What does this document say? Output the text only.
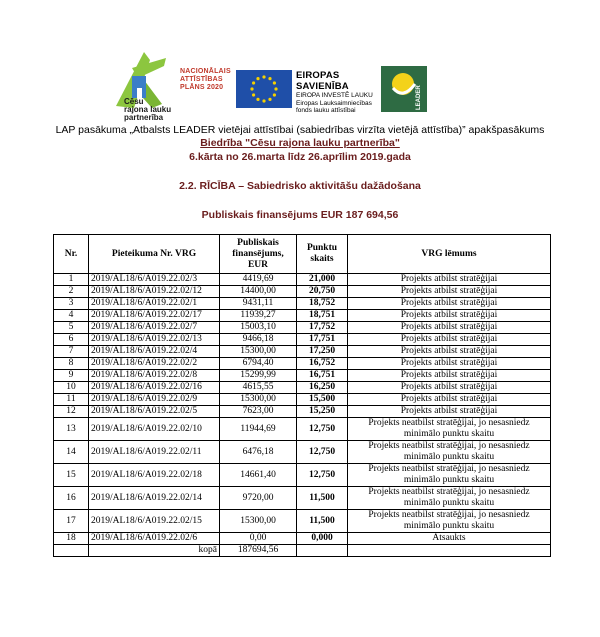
Cēsu
rajona lauku
partnerība
NACIONĀLAIS
ATTĪSTĪBAS
PLĀNS 2020
EIROPAS SAVIENĪBA
EIROPA INVESTĒ LAUKU
Eiropas Lauksaimniecības
fonds lauku attīstībai
LEADER
LAP pasākuma „Atbalsts LEADER vietējai attīstībai (sabiedrības virzīta vietējā attīstība)” apakšpasākums
Biedrība "Cēsu rajona lauku partnerība"
6.kārta no 26.marta līdz 26.aprīlim 2019.gada
2.2. RĪCĪBA – Sabiedrisko aktivitāšu dažādošana
Publiskais finansējums EUR 187 694,56
Nr.	Pieteikuma Nr. VRG	Publiskais finansējums, EUR	Punktu skaits	VRG lēmums
1	2019/AL18/6/A019.22.02/3	4419,69	21,000	Projekts atbilst stratēģijai
2	2019/AL18/6/A019.22.02/12	14400,00	20,750	Projekts atbilst stratēģijai
3	2019/AL18/6/A019.22.02/1	9431,11	18,752	Projekts atbilst stratēģijai
4	2019/AL18/6/A019.22.02/17	11939,27	18,751	Projekts atbilst stratēģijai
5	2019/AL18/6/A019.22.02/7	15003,10	17,752	Projekts atbilst stratēģijai
6	2019/AL18/6/A019.22.02/13	9466,18	17,751	Projekts atbilst stratēģijai
7	2019/AL18/6/A019.22.02/4	15300,00	17,250	Projekts atbilst stratēģijai
8	2019/AL18/6/A019.22.02/2	6794,40	16,752	Projekts atbilst stratēģijai
9	2019/AL18/6/A019.22.02/8	15299,99	16,751	Projekts atbilst stratēģijai
10	2019/AL18/6/A019.22.02/16	4615,55	16,250	Projekts atbilst stratēģijai
11	2019/AL18/6/A019.22.02/9	15300,00	15,500	Projekts atbilst stratēģijai
12	2019/AL18/6/A019.22.02/5	7623,00	15,250	Projekts atbilst stratēģijai
13	2019/AL18/6/A019.22.02/10	11944,69	12,750	Projekts neatbilst stratēģijai, jo nesasniedz minimālo punktu skaitu
14	2019/AL18/6/A019.22.02/11	6476,18	12,750	Projekts neatbilst stratēģijai, jo nesasniedz minimālo punktu skaitu
15	2019/AL18/6/A019.22.02/18	14661,40	12,750	Projekts neatbilst stratēģijai, jo nesasniedz minimālo punktu skaitu
16	2019/AL18/6/A019.22.02/14	9720,00	11,500	Projekts neatbilst stratēģijai, jo nesasniedz minimālo punktu skaitu
17	2019/AL18/6/A019.22.02/15	15300,00	11,500	Projekts neatbilst stratēģijai, jo nesasniedz minimālo punktu skaitu
18	2019/AL18/6/A019.22.02/6	0,00	0,000	Atsaukts
	kopā	187694,56		
